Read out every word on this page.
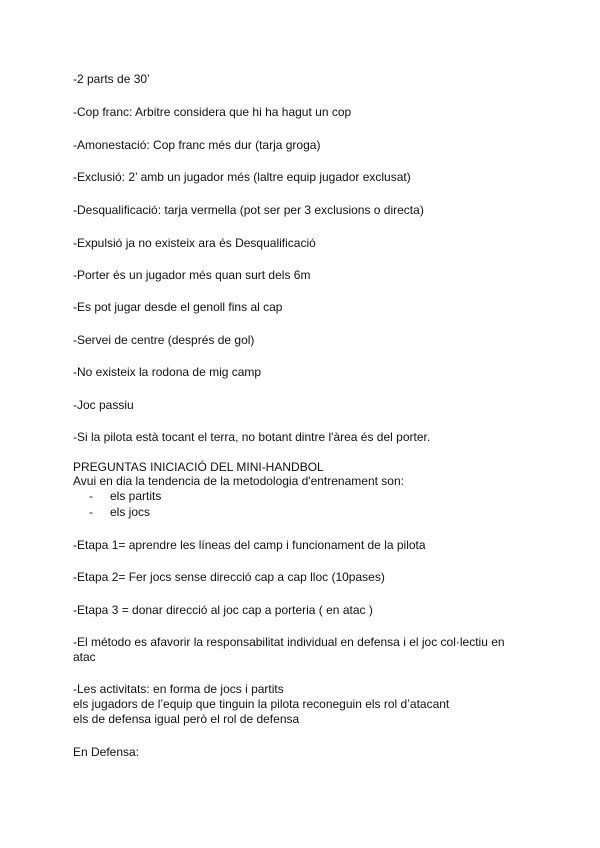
-2 parts de 30’
-Cop franc: Arbitre considera que hi ha hagut un cop
-Amonestació: Cop franc més dur (tarja groga)
-Exclusió: 2’ amb un jugador més (laltre equip jugador exclusat)
-Desqualificació: tarja vermella (pot ser per 3 exclusions o directa)
-Expulsió ja no existeix ara és Desqualificació
-Porter és un jugador més quan surt dels 6m
-Es pot jugar desde el genoll fins al cap
-Servei de centre (després de gol)
-No existeix la rodona de mig camp
-Joc passiu
-Si la pilota està tocant el terra, no botant dintre l'àrea és del porter.
PREGUNTAS INICIACIÓ DEL MINI-HANDBOL
Avui en dia la tendencia de la metodologia d'entrenament son:
- els partits
- els jocs
-Etapa 1= aprendre les líneas del camp i funcionament de la pilota
-Etapa 2= Fer jocs sense direcció cap a cap lloc (10pases)
-Etapa 3 = donar direcció al joc cap a porteria ( en atac )
-El método es afavorir la responsabilitat individual en defensa i el joc col·lectiu en
atac
-Les activitats: en forma de jocs i partits
els jugadors de l’equip que tinguin la pilota reconeguin els rol d’atacant
els de defensa igual però el rol de defensa
En Defensa:
